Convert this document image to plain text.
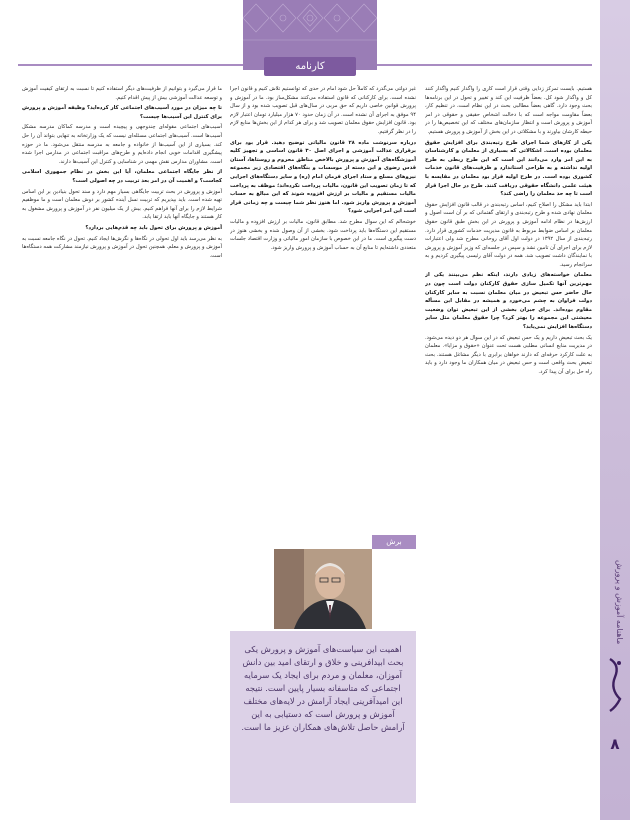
کارنامه

هستیم. بایست تمرکز زدایی وقتی قرار است کاری را واگذار کنیم واگذار کنند کل و واگذار شود کل. بعضاً ظرفیت این کند و تغییر و تحول در این برنامه‌ها بحث وجود دارد. گاهی بعضاً مطالبی بحث در این نظام است، در تنظیم کار، بعضاً مقاومت مواجه است که با دخالت اشخاص حقیقی و حقوقی در امر آموزش و پرورش است و انتظار سازمان‌های مختلف که این تخصیص‌ها را در حیطه کارشان بیاورند و با مشکلاتی در این بخش از آموزش و پرورش هستیم.

یکی از کارهای شما اجرای طرح رتبه‌بندی برای افزایش حقوق معلمان بوده است. اشکالاتی که بسیاری از معلمان و کارشناسان به این امر وارد می‌دانند این است که این طرح ربطی به طرح اولیه نداشته و به طراحی استاندارد و ظرفیت‌های قانون خدمات کشوری بوده است. در طرح اولیه قرار بود معلمان در مقایسه با هیئت علمی دانشگاه حقوقی دریافت کنند. طرح در حال اجرا قرار است تا چه حد معلمان را راضی کند؟

ابتدا باید مشکل را اصلاح کنیم، اساس رتبه‌بندی در قالب قانون افزایش حقوق معلمان نهادی شده و طرح رتبه‌بندی و ارتقای گفتمانی که بر آن است اصول و ارزش‌ها در نظام ادامه آموزش و پرورش در این بخش طبق قانون حقوق معلمان بر اساس ضوابط مربوط به قانون مدیریت خدمات کشوری قرار دارد. رتبه‌بندی از سال ۱۳۹۲ در دولت اول آقای روحانی مطرح شد ولی اعتبارات لازم برای اجرای آن تامین نشد و سپس در جلسه‌ای که وزیر آموزش و پرورش با نمایندگان داشت تصویب شد. همه در دولت آقای رئیسی پیگیری کردیم و به سرانجام رسید.

معلمان خواسته‌های زیادی دارند، اینکه نظم می‌بینند یکی از مهم‌ترین آنها تکمیل سازی حقوق کارکنان دولت است چون در حال حاضر حس تبعیض در میان معلمان نسبت به سایر کارکنان دولت فراوان به چشم می‌خورد و همیشه در مقابل این مسأله مقاوم بوده‌اند. برای جبران بخشی از این تبعیض توان وضعیت معیشتی این مجموعه را بهتر کرد؟ چرا حقوق معلمان مثل سایر دستگاه‌ها افزایش نمی‌یابد؟

یک بحث تبعیض داریم و یک حس تبعیض که در این سوال هر دو دیده می‌شود. در مدیریت منابع انسانی مطلبی هست تحت عنوان «حقوق و مزایا». معلمان به علت کارکرد حرفه‌ای که دارند خواهان برابری با دیگر مشاغل هستند. بحث تبعیض بحث واقعی است و حس تبعیض در میان همکاران ما وجود دارد و باید راه حل برای آن پیدا کرد.

غیر دولتی می‌گذرد که کاملاً حل شود امام در حدی که توانستیم تلاش کنیم و قانون اجرا نشده است. برای کارکنانی که قانون استفاده می‌کنند مشکل‌ساز بود. ما در آموزش و پرورش قوانین خاصی داریم که حق مربی در سال‌های قبل تصویب شده بود و از سال ۹۴ موفق به اجرای آن نشده است. در آن زمان حدود ۷۰ هزار میلیارد تومان اعتبار لازم بود. قانون افزایش حقوق معلمان تصویب شد و برای هر کدام از این بخش‌ها منابع لازم را در نظر گرفتیم.

درباره سرنوشت ماده ۲۸ قانون مالیاتی توضیح دهید. قرار بود برای برقراری عدالت آموزشی و اجرای اصل ۳۰ قانون اساسی و تجهیز کلیه آموزشگاه‌های آموزش و پرورش بالاخص مناطق محروم و روستاها، آستان قدس رضوی و این دسته از موسسات و بنگاه‌های اقتصادی زیر مجموعه نیروهای مسلح و ستاد اجرای فرمان امام (ره) و سایر دستگاه‌های اجرایی که تا زمان تصویب این قانون، مالیات پرداخت نکرده‌اند؛ موظف به پرداخت مالیات مستقیم و مالیات بر ارزش افزوده شوند که این مبالغ به حساب آموزش و پرورش واریز شود. اما هنوز نظر شما چیست و چه زمانی قرار است این امر اجرایی شود؟

خوشحالم که این سوال مطرح شد. مطابق قانون، مالیات بر ارزش افزوده و مالیات مستقیم این دستگاه‌ها باید پرداخت شود. بخشی از آن وصول شده و بخشی هنوز در دست پیگیری است. ما در این خصوص با سازمان امور مالیاتی و وزارت اقتصاد جلسات متعددی داشته‌ایم تا منابع آن به حساب آموزش و پرورش واریز شود.

ما قرار می‌گیرد و بتوانیم از ظرفیت‌های دیگر استفاده کنیم تا نسبت به ارتقای کیفیت آموزش و توسعه عدالت آموزشی بیش از پیش اقدام کنیم.

تا چه میزان در مورد آسیب‌های اجتماعی کار کرده‌اید؟ وظیفه آموزش و پرورش برای کنترل این آسیب‌ها چیست؟

آسیب‌های اجتماعی مقوله‌ای چندوجهی و پیچیده است و مدرسه کماکان مدرسه مشکل آسیب‌ها است. آسیب‌های اجتماعی مسئله‌ای نیست که یک وزارتخانه به تنهایی بتواند آن را حل کند. بسیاری از این آسیب‌ها از خانواده و جامعه به مدرسه منتقل می‌شود. ما در حوزه پیشگیری اقدامات خوبی انجام داده‌ایم و طرح‌های مراقبت اجتماعی در مدارس اجرا شده است. مشاوران مدارس نقش مهمی در شناسایی و کنترل این آسیب‌ها دارند.

از نظر جایگاه اجتماعی معلمان، آیا این بخش در نظام جمهوری اسلامی کجاست؟ و اهمیت آن در امر بعد تربیت در چه اصولی است؟

آموزش و پرورش در بحث تربیت جایگاهی بسیار مهم دارد و سند تحول بنیادین بر این اساس تهیه شده است. باید بپذیریم که تربیت نسل آینده کشور بر دوش معلمان است و ما موظفیم شرایط لازم را برای آنها فراهم کنیم. بیش از یک میلیون نفر در آموزش و پرورش مشغول به کار هستند و جایگاه آنها باید ارتقا یابد.

آموزش و پرورش برای تحول باید چه قدم‌هایی بردارد؟

به نظر می‌رسد باید اول تحولی در نگاه‌ها و نگرش‌ها ایجاد کنیم. تحول در نگاه جامعه نسبت به آموزش و پرورش و معلم. همچنین تحول در آموزش و پرورش نیازمند مشارکت همه دستگاه‌ها است.

برش
اهمیت این سیاست‌های آموزش و پرورش یکی بحث ابیدافرینی و خلاق و ارتقای امید بین دانش آموزان، معلمان و مردم برای ایجاد یک سرمایه اجتماعی که متاسفانه بسیار پایین است. نتیجه این امیدآفرینی ایجاد آرامش در لایه‌های مختلف آموزش و پرورش است که دستیابی به این آرامش حاصل تلاش‌های همکاران عزیز ما است.
ماهنامه آموزش و پرورش
۸
